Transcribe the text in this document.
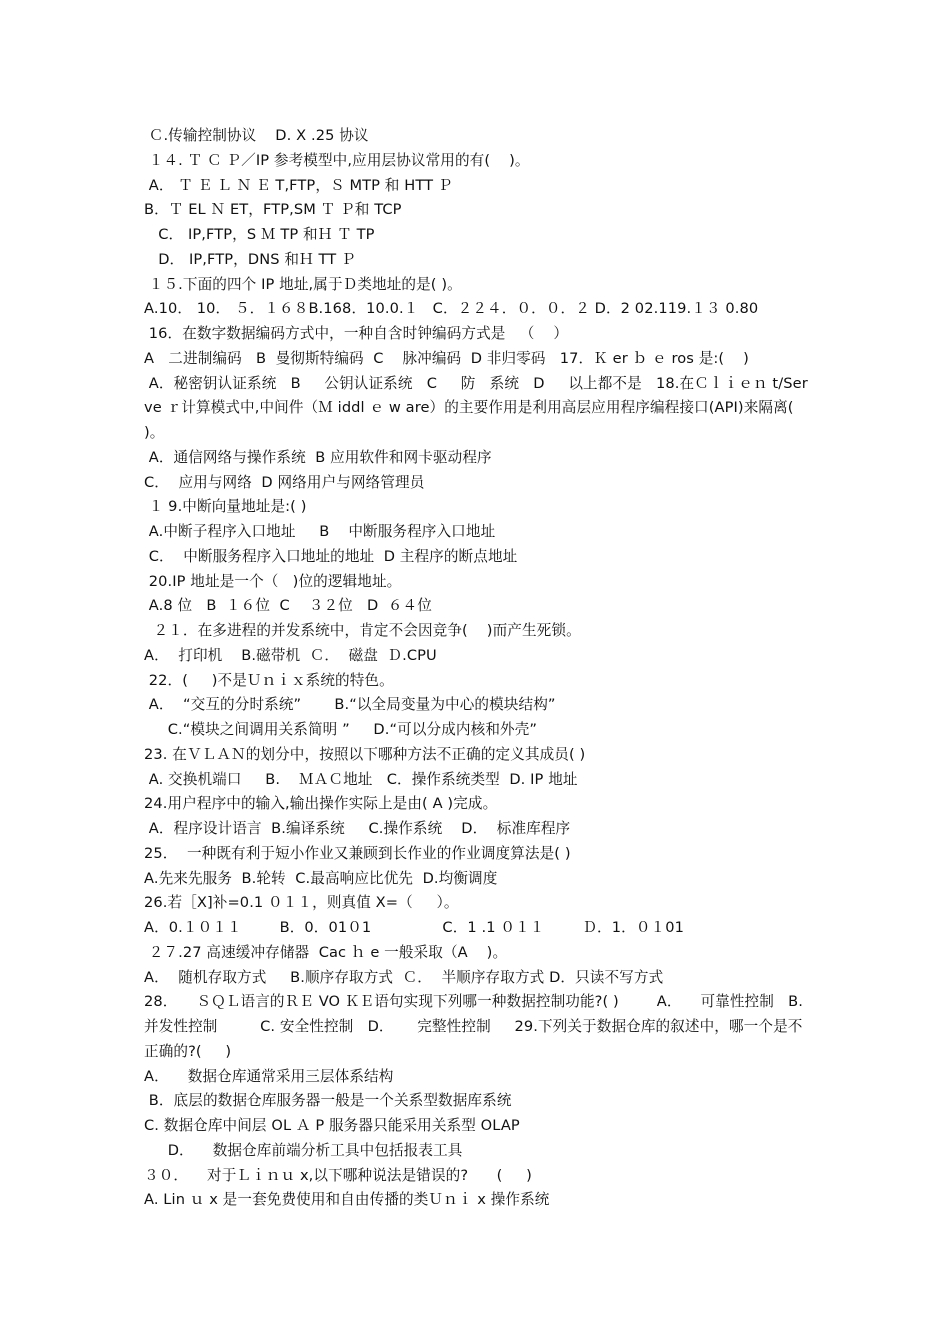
Ｃ.传输控制协议    D. X .25 协议
１４. Ｔ Ｃ Ｐ／IP 参考模型中,应用层协议常用的有(    )。
A． Ｔ Ｅ Ｌ Ｎ Ｅ T,FTP，Ｓ MTP 和 HTT Ｐ
B．Ｔ EL Ｎ ET，FTP,SM Ｔ Ｐ和 TCP
C． IP,FTP，S Ｍ TP 和Ｈ Ｔ TP
D． IP,FTP，DNS 和Ｈ TT Ｐ
１５.下面的四个 IP 地址,属于Ｄ类地址的是( )。
A.10． 10． ５．１６８B.168．10.0.１   C．２２４．０．０．２ D．2 02.119.１３ 0.80
16．在数字数据编码方式中，一种自含时钟编码方式是   （    ）
A   二进制编码   B  曼彻斯特编码  C    脉冲编码  D 非归零码   17．Ｋ er ｂ ｅ ros 是:(    )
A．秘密钥认证系统   B     公钥认证系统   C     防   系统   D     以上都不是   18.在Ｃｌｉｅｎ t/Serve ｒ计算模式中,中间件（Ｍ iddl ｅ w are）的主要作用是利用高层应用程序编程接口(API)来隔离( )。
A．通信网络与操作系统  B 应用软件和网卡驱动程序
C．  应用与网络  D 网络用户与网络管理员
１ 9.中断向量地址是:( )
A.中断子程序入口地址     B    中断服务程序入口地址
C．  中断服务程序入口地址的地址  D 主程序的断点地址
20.IP 地址是一个（   )位的逻辑地址。
A.8 位   B  １６位  C    ３２位   D  ６４位
２１．在多进程的并发系统中，肯定不会因竞争(    )而产生死锁。
A．  打印机    B.磁带机  Ｃ．  磁盘  Ｄ.CPU
22．(     )不是Ｕｎｉｘ系统的特色。
A．  “交互的分时系统”       B.“以全局变量为中心的模块结构”
C.“模块之间调用关系简明 ”     D.“可以分成内核和外壳”
23. 在ＶＬＡＮ的划分中，按照以下哪种方法不正确的定义其成员( )
A. 交换机端口     B.    ＭＡＣ地址   C．操作系统类型  D. IP 地址
24.用户程序中的输入,输出操作实际上是由( A )完成。
A．程序设计语言  B.编译系统     C.操作系统    D．  标准库程序
25．  一种既有利于短小作业又兼顾到长作业的作业调度算法是( )
A.先来先服务  B.轮转  C.最高响应比优先  D.均衡调度
26.若［X]补=0.1 ０１１，则真值 X=（     ）。
A．0.１０１１        B．0．01０1               C．1 .1 ０１１        Ｄ．1．０１01
２７.27 高速缓冲存储器  Cac ｈ e 一般采取（A    )。
A．  随机存取方式     B.顺序存取方式  Ｃ．  半顺序存取方式 D．只读不写方式
28．    ＳＱＬ语言的ＲＥ VO ＫＥ语句实现下列哪一种数据控制功能?( )        A．    可靠性控制   B.并发性控制         C. 安全性控制   D．     完整性控制     29.下列关于数据仓库的叙述中，哪一个是不正确的?(     )
A．    数据仓库通常采用三层体系结构
B．底层的数据仓库服务器一般是一个关系型数据库系统
C. 数据仓库中间层 OL Ａ P 服务器只能采用关系型 OLAP
D．    数据仓库前端分析工具中包括报表工具
３０．    对于Ｌｉｎｕ x,以下哪种说法是错误的?      (     )
A. Lin ｕ x 是一套免费使用和自由传播的类Ｕｎｉ x 操作系统
